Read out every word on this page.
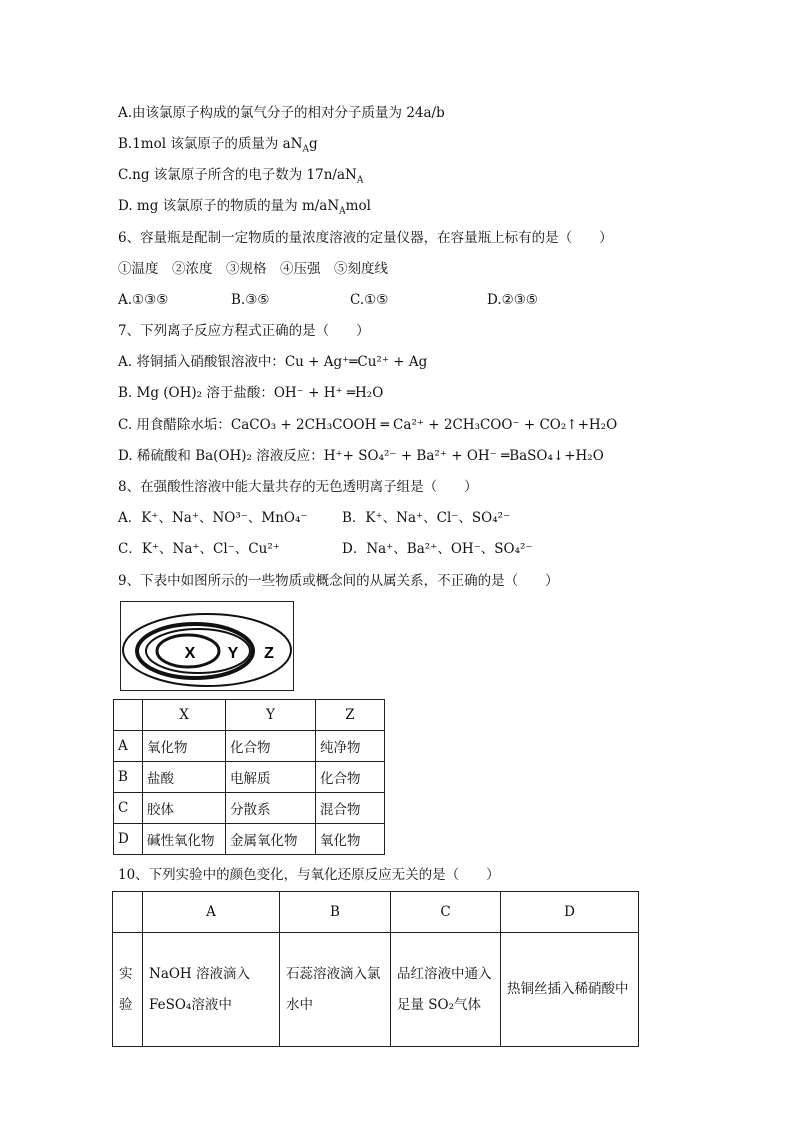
A.由该氯原子构成的氯气分子的相对分子质量为 24a/b
B.1mol 该氯原子的质量为 $aN_Ag$
C.ng 该氯原子所含的电子数为 $17n/aN_A$
D. mg 该氯原子的物质的量为 $m/aN_Amol$
6、容量瓶是配制一定物质的量浓度溶液的定量仪器，在容量瓶上标有的是（　　）
①温度　②浓度　③规格　④压强　⑤刻度线
A.①③⑤	B.③⑤	C.①⑤	D.②③⑤
7、下列离子反应方程式正确的是（　　）
A. 将铜插入硝酸银溶液中：Cu + Ag⁺═Cu²⁺ + Ag
B. Mg (OH)₂ 溶于盐酸：OH⁻ + H⁺ ═H₂O
C. 用食醋除水垢：CaCO₃ + 2CH₃COOH ═ Ca²⁺ + 2CH₃COO⁻ + CO₂↑+H₂O
D. 稀硫酸和 Ba(OH)₂ 溶液反应：H⁺+ SO₄²⁻ + Ba²⁺ + OH⁻ ═BaSO₄↓+H₂O
8、在强酸性溶液中能大量共存的无色透明离子组是（　　）
A．K⁺、Na⁺、NO³⁻、MnO₄⁻	B．K⁺、Na⁺、Cl⁻、SO₄²⁻
C．K⁺、Na⁺、Cl⁻、Cu²⁺	D．Na⁺、Ba²⁺、OH⁻、SO₄²⁻
9、下表中如图所示的一些物质或概念间的从属关系，不正确的是（　　）
X Y Z
	X	Y	Z
A	氧化物	化合物	纯净物
B	盐酸	电解质	化合物
C	胶体	分散系	混合物
D	碱性氧化物	金属氧化物	氧化物
10、下列实验中的颜色变化，与氧化还原反应无关的是（　　）
	A	B	C	D
实验	NaOH 溶液滴入 FeSO₄溶液中	石蕊溶液滴入氯水中	品红溶液中通入足量 SO₂气体	热铜丝插入稀硝酸中
